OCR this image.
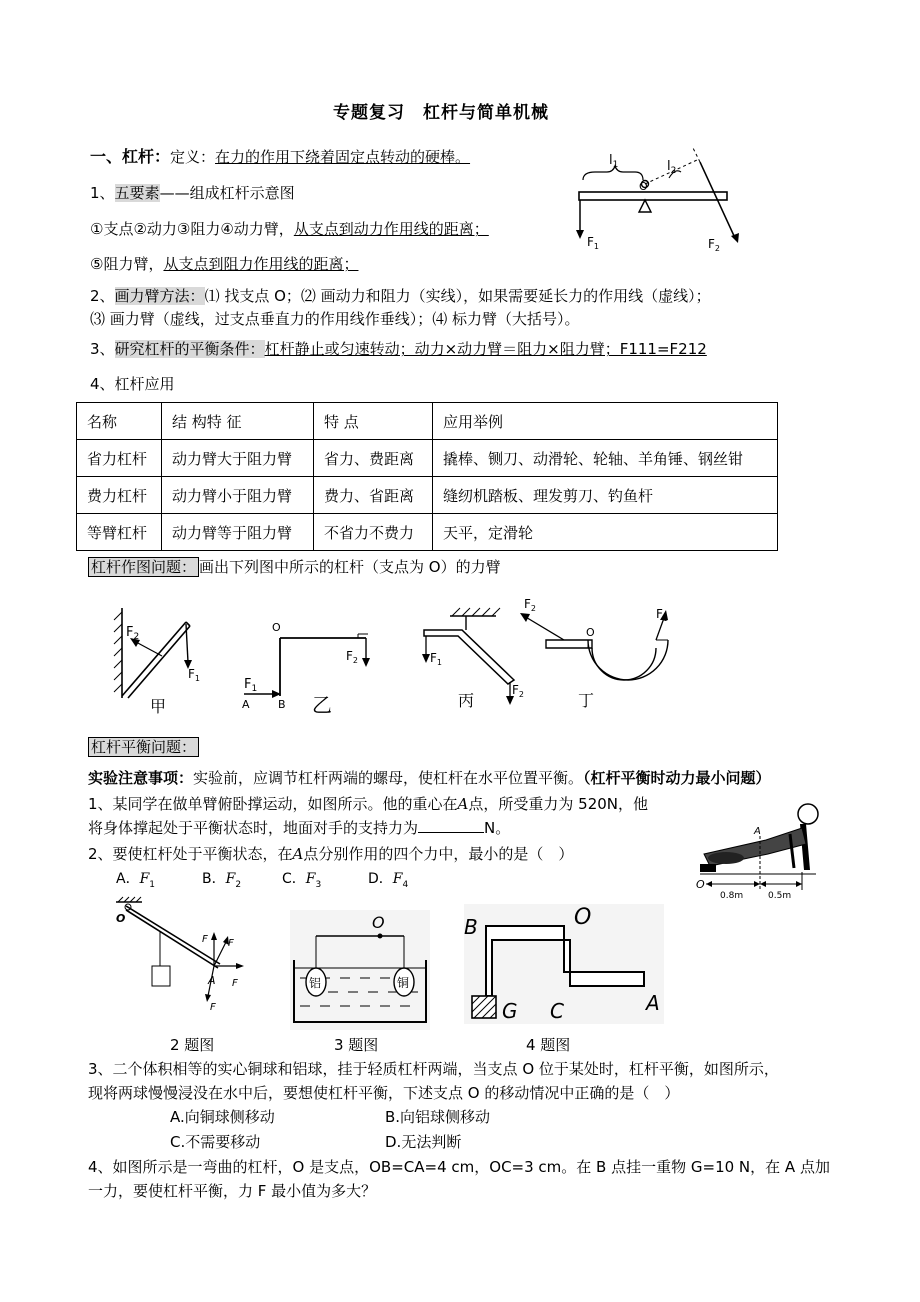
专题复习　杠杆与简单机械
一、杠杆：定义：在力的作用下绕着固定点转动的硬棒。
1、五要素——组成杠杆示意图
①支点②动力③阻力④动力臂，从支点到动力作用线的距离；
⑤阻力臂，从支点到阻力作用线的距离；
$l_1$	$l_2$
O
$F_1$	$F_2$
2、画力臂方法：⑴ 找支点 O；⑵ 画动力和阻力（实线），如果需要延长力的作用线（虚线）；
⑶ 画力臂（虚线，过支点垂直力的作用线作垂线）；⑷ 标力臂（大括号）。
3、研究杠杆的平衡条件：杠杆静止或匀速转动；动力×动力臂＝阻力×阻力臂；F111=F212
4、杠杆应用
名称	结 构特 征	特 点	应用举例
省力杠杆	动力臂大于阻力臂	省力、费距离	撬棒、铡刀、动滑轮、轮轴、羊角锤、钢丝钳
费力杠杆	动力臂小于阻力臂	费力、省距离	缝纫机踏板、理发剪刀、钓鱼杆
等臂杠杆	动力臂等于阻力臂	不省力不费力	天平，定滑轮
杠杆作图问题： 画出下列图中所示的杠杆（支点为 O）的力臂
$F_2$
$F_1$
甲
O
$F_2$
$F_1$
A	B 乙
$F_1$
$F_2$
丙
$F_2$	$F_1$
O
丁
杠杆平衡问题：
实验注意事项：实验前，应调节杠杆两端的螺母，使杠杆在水平位置平衡。（杠杆平衡时动力最小问题）
1、某同学在做单臂俯卧撑运动，如图所示。他的重心在A点，所受重力为 520N，他
将身体撑起处于平衡状态时，地面对手的支持力为	N。	A
O
0.8m	0.5m
2、要使杠杆处于平衡状态，在A点分别作用的四个力中，最小的是（　）
A．$F_1$	B．$F_2$	C．$F_3$	D．$F_4$
O
F F
F
F
A
O
铝	铜
B	O
G C	A
2 题图	3 题图	4 题图
3、二个体积相等的实心铜球和铝球，挂于轻质杠杆两端，当支点 O 位于某处时，杠杆平衡，如图所示，
现将两球慢慢浸没在水中后，要想使杠杆平衡，下述支点 O 的移动情况中正确的是（　）
A.向铜球侧移动	B.向铝球侧移动
C.不需要移动	D.无法判断
4、如图所示是一弯曲的杠杆，O 是支点，OB=CA=4 cm，OC=3 cm。在 B 点挂一重物 G=10 N，在 A 点加
一力，要使杠杆平衡，力 F 最小值为多大？
